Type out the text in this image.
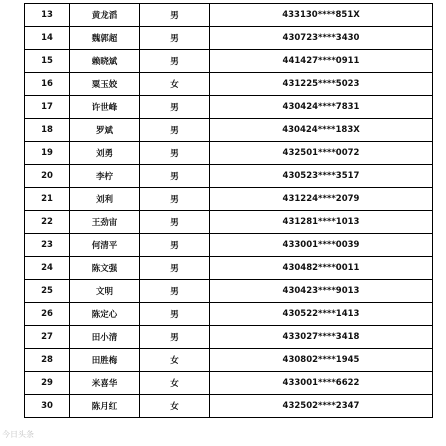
13	黄龙滔	男	433130****851X
14	魏郭超	男	430723****3430
15	赖晓斌	男	441427****0911
16	粟玉姣	女	431225****5023
17	许世峰	男	430424****7831
18	罗斌	男	430424****183X
19	刘勇	男	432501****0072
20	李柠	男	430523****3517
21	刘利	男	431224****2079
22	王劲宙	男	431281****1013
23	何清平	男	433001****0039
24	陈文强	男	430482****0011
25	文明	男	430423****9013
26	陈定心	男	430522****1413
27	田小清	男	433027****3418
28	田胜梅	女	430802****1945
29	米喜华	女	433001****6622
30	陈月红	女	432502****2347
今日头条
